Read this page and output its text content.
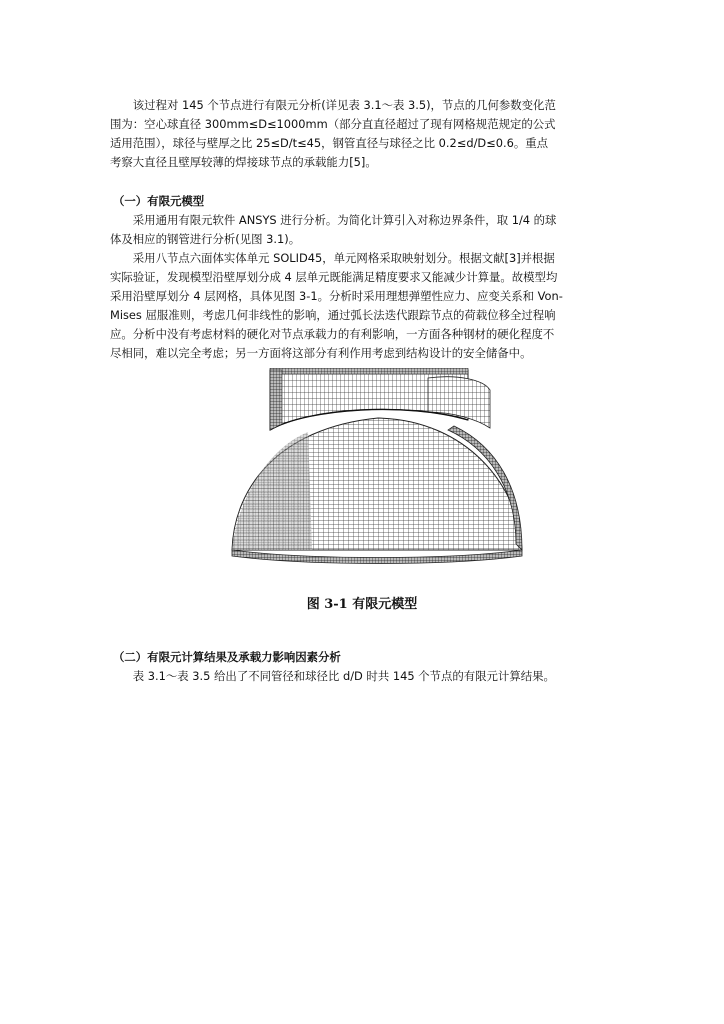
　　该过程对 145 个节点进行有限元分析(详见表 3.1～表 3.5)，节点的几何参数变化范
围为：空心球直径 300mm≤D≤1000mm（部分直直径超过了现有网格规范规定的公式
适用范围），球径与壁厚之比 25≤D/t≤45，钢管直径与球径之比 0.2≤d/D≤0.6。重点
考察大直径且壁厚较薄的焊接球节点的承载能力[5]。
（一）有限元模型
　　采用通用有限元软件 ANSYS 进行分析。为简化计算引入对称边界条件，取 1/4 的球
体及相应的钢管进行分析(见图 3.1)。
　　采用八节点六面体实体单元 SOLID45，单元网格采取映射划分。根据文献[3]并根据
实际验证，发现模型沿壁厚划分成 4 层单元既能满足精度要求又能减少计算量。故模型均
采用沿壁厚划分 4 层网格，具体见图 3-1。分析时采用理想弹塑性应力、应变关系和 Von-
Mises 屈服准则，考虑几何非线性的影响，通过弧长法迭代跟踪节点的荷载位移全过程响
应。分析中没有考虑材料的硬化对节点承载力的有利影响，一方面各种钢材的硬化程度不
尽相同，难以完全考虑；另一方面将这部分有利作用考虑到结构设计的安全储备中。
图 3-1 有限元模型
（二）有限元计算结果及承载力影响因素分析
　　表 3.1～表 3.5 给出了不同管径和球径比 d/D 时共 145 个节点的有限元计算结果。
